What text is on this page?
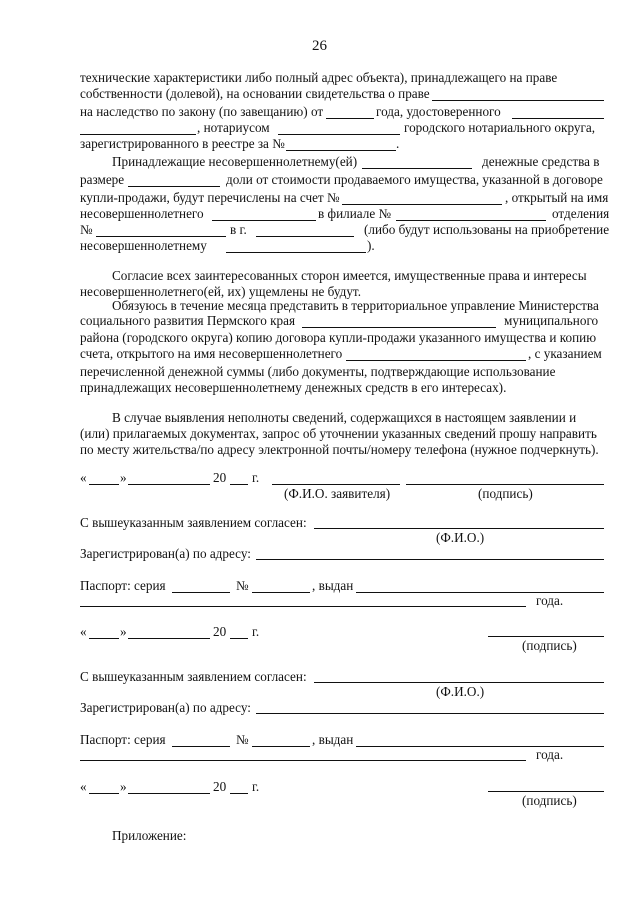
26
технические характеристики либо полный адрес объекта), принадлежащего на праве
собственности (долевой), на основании свидетельства о праве
на наследство по закону (по завещанию) от	года, удостоверенного
, нотариусом	городского нотариального округа,
зарегистрированного в реестре за №	.
Принадлежащие несовершеннолетнему(ей)	денежные средства в
размере	доли от стоимости продаваемого имущества, указанной в договоре
купли-продажи, будут перечислены на счет №	, открытый на имя
несовершеннолетнего	в филиале №	отделения
№	в г.	(либо будут использованы на приобретение
несовершеннолетнему	).
Согласие всех заинтересованных сторон имеется, имущественные права и интересы
несовершеннолетнего(ей, их) ущемлены не будут.
Обязуюсь в течение месяца представить в территориальное управление Министерства
социального развития Пермского края	муниципального
района (городского округа) копию договора купли-продажи указанного имущества и копию
счета, открытого на имя несовершеннолетнего	, с указанием
перечисленной денежной суммы (либо документы, подтверждающие использование
принадлежащих несовершеннолетнему денежных средств в его интересах).
В случае выявления неполноты сведений, содержащихся в настоящем заявлении и
(или) прилагаемых документах, запрос об уточнении указанных сведений прошу направить
по месту жительства/по адресу электронной почты/номеру телефона (нужное подчеркнуть).
«	»	20 г.
(Ф.И.О. заявителя)	(подпись)
С вышеуказанным заявлением согласен:
(Ф.И.О.)
Зарегистрирован(а) по адресу:
Паспорт: серия	№	, выдан
года.
«	»	20 г.
(подпись)
С вышеуказанным заявлением согласен:
(Ф.И.О.)
Зарегистрирован(а) по адресу:
Паспорт: серия	№	, выдан
года.
«	»	20 г.
(подпись)
Приложение:
